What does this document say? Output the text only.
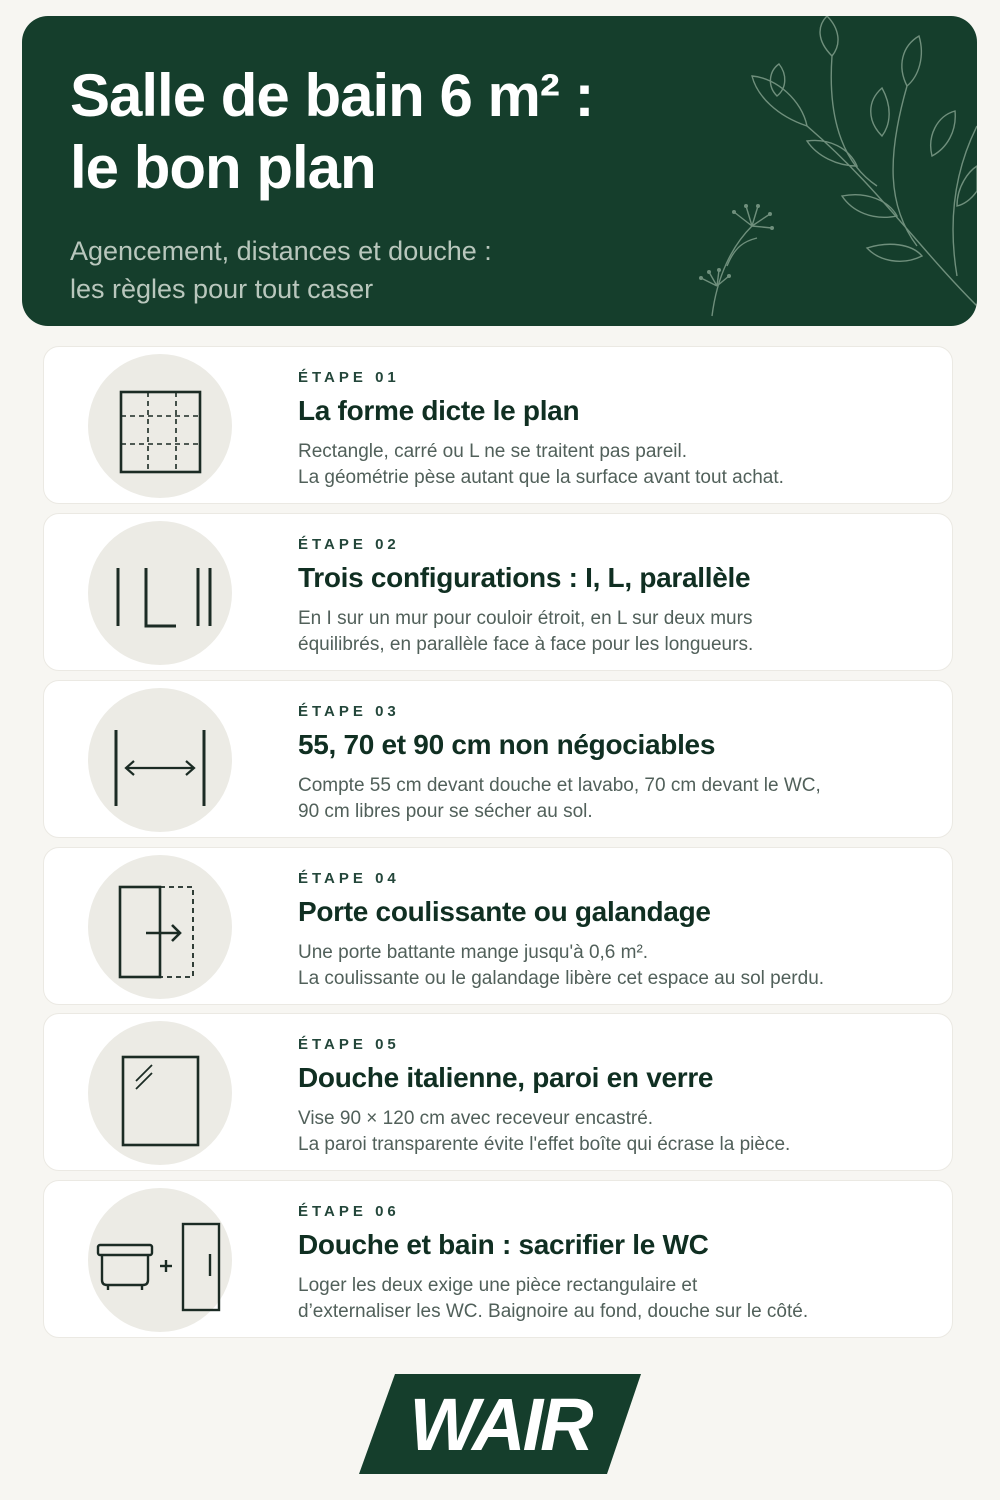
Salle de bain 6 m² :
le bon plan
Agencement, distances et douche :
les règles pour tout caser
ÉTAPE 01
La forme dicte le plan
Rectangle, carré ou L ne se traitent pas pareil.
La géométrie pèse autant que la surface avant tout achat.
ÉTAPE 02
Trois configurations : I, L, parallèle
En I sur un mur pour couloir étroit, en L sur deux murs
équilibrés, en parallèle face à face pour les longueurs.
ÉTAPE 03
55, 70 et 90 cm non négociables
Compte 55 cm devant douche et lavabo, 70 cm devant le WC,
90 cm libres pour se sécher au sol.
ÉTAPE 04
Porte coulissante ou galandage
Une porte battante mange jusqu'à 0,6 m².
La coulissante ou le galandage libère cet espace au sol perdu.
ÉTAPE 05
Douche italienne, paroi en verre
Vise 90 × 120 cm avec receveur encastré.
La paroi transparente évite l'effet boîte qui écrase la pièce.
ÉTAPE 06
Douche et bain : sacrifier le WC
Loger les deux exige une pièce rectangulaire et
d’externaliser les WC. Baignoire au fond, douche sur le côté.
WAIR
